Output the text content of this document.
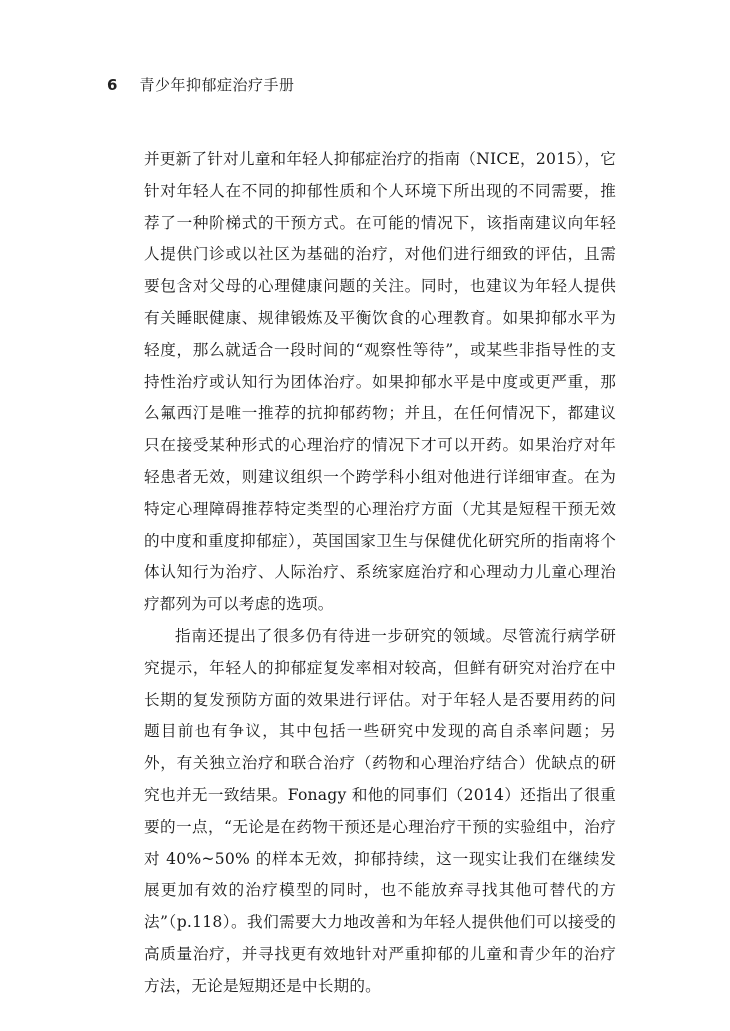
6 青少年抑郁症治疗手册

并更新了针对儿童和年轻人抑郁症治疗的指南（NICE，2015），它针对年轻人在不同的抑郁性质和个人环境下所出现的不同需要，推荐了一种阶梯式的干预方式。在可能的情况下，该指南建议向年轻人提供门诊或以社区为基础的治疗，对他们进行细致的评估，且需要包含对父母的心理健康问题的关注。同时，也建议为年轻人提供有关睡眠健康、规律锻炼及平衡饮食的心理教育。如果抑郁水平为轻度，那么就适合一段时间的“观察性等待”，或某些非指导性的支持性治疗或认知行为团体治疗。如果抑郁水平是中度或更严重，那么氟西汀是唯一推荐的抗抑郁药物；并且，在任何情况下，都建议只在接受某种形式的心理治疗的情况下才可以开药。如果治疗对年轻患者无效，则建议组织一个跨学科小组对他进行详细审查。在为特定心理障碍推荐特定类型的心理治疗方面（尤其是短程干预无效的中度和重度抑郁症），英国国家卫生与保健优化研究所的指南将个体认知行为治疗、人际治疗、系统家庭治疗和心理动力儿童心理治疗都列为可以考虑的选项。

指南还提出了很多仍有待进一步研究的领域。尽管流行病学研究提示，年轻人的抑郁症复发率相对较高，但鲜有研究对治疗在中长期的复发预防方面的效果进行评估。对于年轻人是否要用药的问题目前也有争议，其中包括一些研究中发现的高自杀率问题；另外，有关独立治疗和联合治疗（药物和心理治疗结合）优缺点的研究也并无一致结果。Fonagy 和他的同事们（2014）还指出了很重要的一点，“无论是在药物干预还是心理治疗干预的实验组中，治疗对 40%~50% 的样本无效，抑郁持续，这一现实让我们在继续发展更加有效的治疗模型的同时，也不能放弃寻找其他可替代的方法”（p.118）。我们需要大力地改善和为年轻人提供他们可以接受的高质量治疗，并寻找更有效地针对严重抑郁的儿童和青少年的治疗方法，无论是短期还是中长期的。
